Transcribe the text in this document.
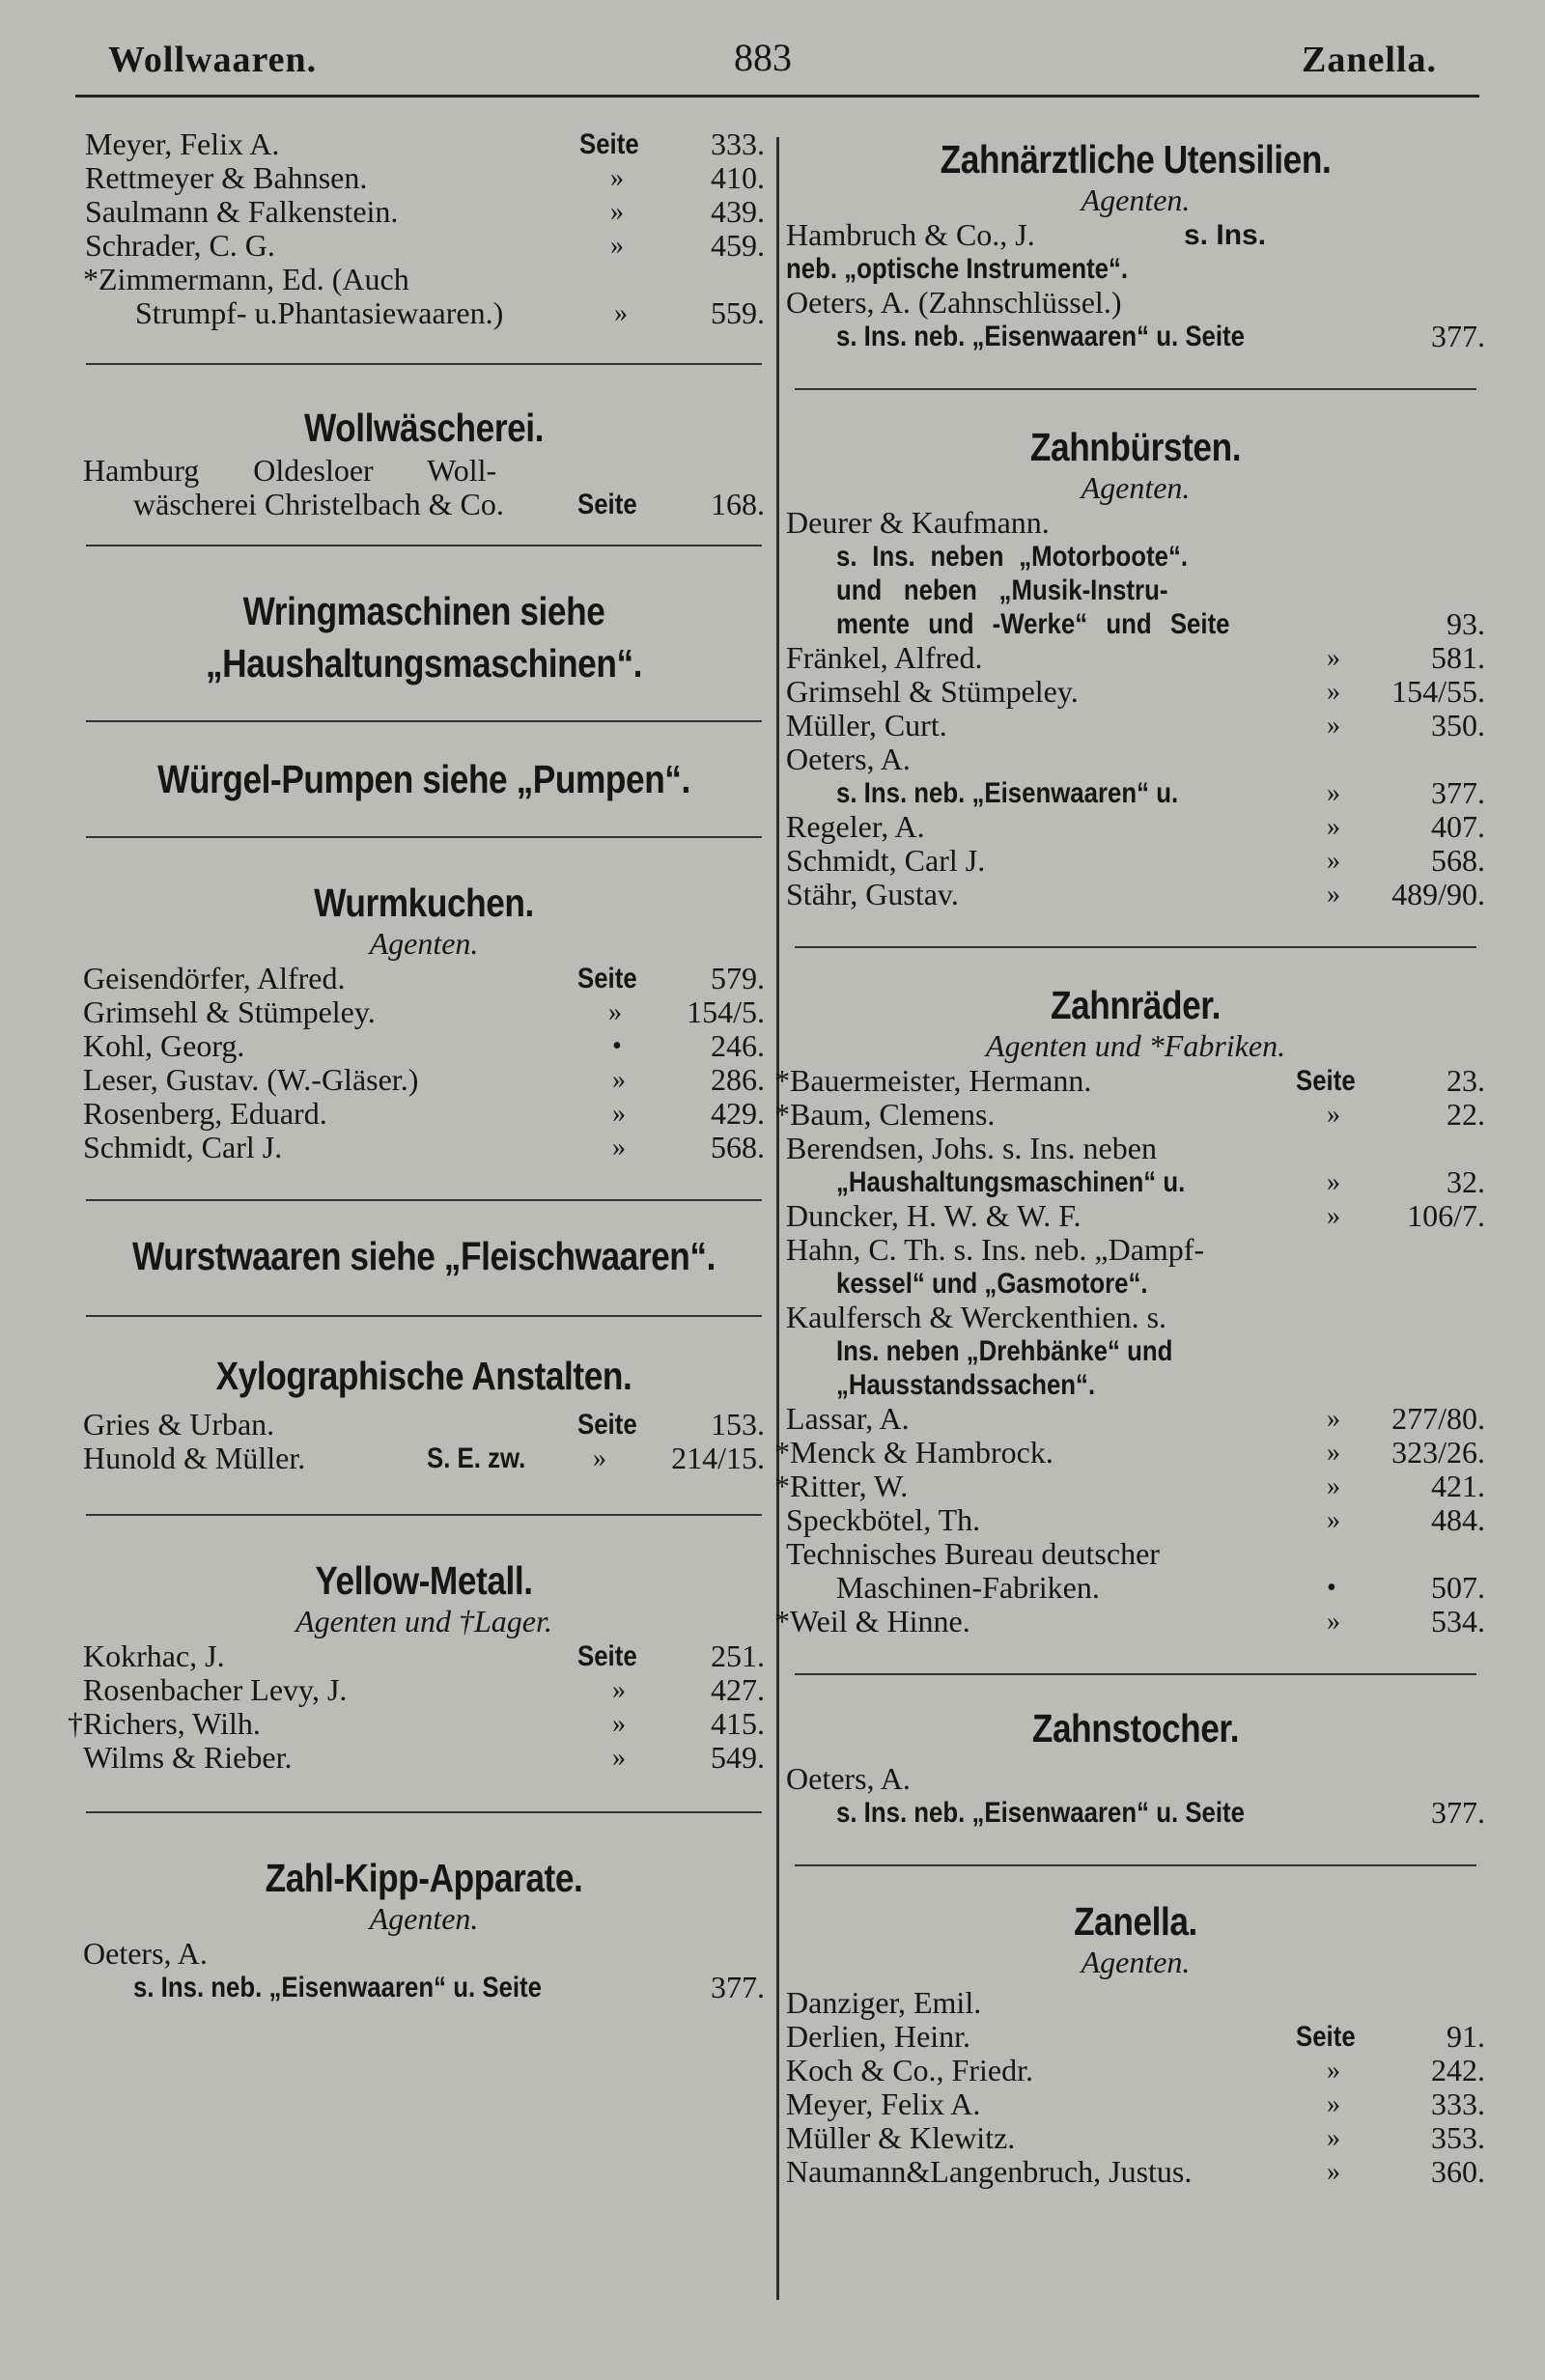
Wollwaaren.	883	Zanella.
Meyer, Felix A.	Seite 333.
Rettmeyer & Bahnsen.	»	410.
Saulmann & Falkenstein.	»	439.
Schrader, C. G.	»	459.
*Zimmermann, Ed. (Auch
Strumpf- u.Phantasiewaaren.)	»	559.
Wollwäscherei.
Hamburg Oldesloer Woll-
wäscherei Christelbach & Co.	Seite 168.
Wringmaschinen siehe
„Haushaltungsmaschinen“.
Würgel-Pumpen siehe „Pumpen“.
Wurmkuchen.
Agenten.
Geisendörfer, Alfred.	Seite 579.
Grimsehl & Stümpeley.	» 154/5.
Kohl, Georg.	•	246.
Leser, Gustav. (W.-Gläser.)	»	286.
Rosenberg, Eduard.	»	429.
Schmidt, Carl J.	»	568.
Wurstwaaren siehe „Fleischwaaren“.
Xylographische Anstalten.
Gries & Urban.	Seite 153.
Hunold & Müller.	S. E. zw. » 214/15.
Yellow-Metall.
Agenten und †Lager.
Kokrhac, J.	Seite 251.
Rosenbacher Levy, J.	»	427.
†Richers, Wilh.	»	415.
Wilms & Rieber.	»	549.
Zahl-Kipp-Apparate.
Agenten.
Oeters, A.
s. Ins. neb. „Eisenwaaren“ u. Seite	377.
Zahnärztliche Utensilien.
Agenten.
Hambruch & Co., J.	s. Ins.
neb. „optische Instrumente“.
Oeters, A. (Zahnschlüssel.)
s. Ins. neb. „Eisenwaaren“ u. Seite	377.
Zahnbürsten.
Agenten.
Deurer & Kaufmann.
s. Ins. neben „Motorboote“.
und neben „Musik-Instru-
mente und -Werke“ und Seite	93.
Fränkel, Alfred.	»	581.
Grimsehl & Stümpeley.	» 154/55.
Müller, Curt.	»	350.
Oeters, A.
s. Ins. neb. „Eisenwaaren“ u.	»	377.
Regeler, A.	»	407.
Schmidt, Carl J.	»	568.
Stähr, Gustav.	» 489/90.
Zahnräder.
Agenten und *Fabriken.
*Bauermeister, Hermann.	Seite	23.
*Baum, Clemens.	»	22.
Berendsen, Johs. s. Ins. neben
„Haushaltungsmaschinen“ u.	»	32.
Duncker, H. W. & W. F.	» 106/7.
Hahn, C. Th. s. Ins. neb. „Dampf-
kessel“ und „Gasmotore“.
Kaulfersch & Werckenthien. s.
Ins. neben „Drehbänke“ und
„Hausstandssachen“.
Lassar, A.	» 277/80.
*Menck & Hambrock.	» 323/26.
*Ritter, W.	»	421.
Speckbötel, Th.	»	484.
Technisches Bureau deutscher
Maschinen-Fabriken.	•	507.
*Weil & Hinne.	»	534.
Zahnstocher.
Oeters, A.
s. Ins. neb. „Eisenwaaren“ u. Seite	377.
Zanella.
Agenten.
Danziger, Emil.
Derlien, Heinr.	Seite	91.
Koch & Co., Friedr.	»	242.
Meyer, Felix A.	»	333.
Müller & Klewitz.	»	353.
Naumann&Langenbruch, Justus.	»	360.
